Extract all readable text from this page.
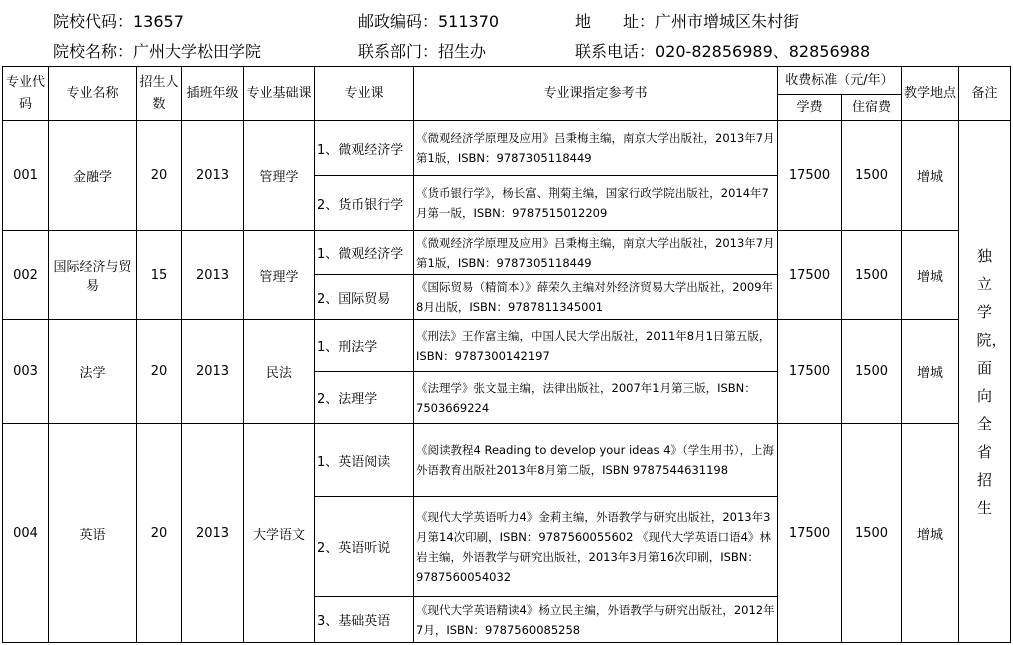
院校代码：13657	邮政编码：511370	地　　址：广州市增城区朱村街
院校名称：广州大学松田学院	联系部门：招生办	联系电话：020-82856989、82856988
专业代码	专业名称	招生人数	插班年级	专业基础课	专业课	专业课指定参考书	收费标准（元/年）		教学地点	备注
							学费	住宿费		
001	金融学	20	2013	管理学	1、微观经济学	《微观经济学原理及应用》吕秉梅主编，南京大学出版社，2013年7月第1版，ISBN：9787305118449	17500	1500	增城	独立学院，面向全省招生

					2、货币银行学	《货币银行学》，杨长富、荆菊主编，国家行政学院出版社，2014年7月第一版，ISBN：9787515012209				
002	国际经济与贸易	15	2013	管理学	1、微观经济学	《微观经济学原理及应用》吕秉梅主编，南京大学出版社，2013年7月第1版，ISBN：9787305118449	17500	1500	增城	
					2、国际贸易	《国际贸易（精简本）》薛荣久主编对外经济贸易大学出版社，2009年8月出版，ISBN：9787811345001				
003	法学	20	2013	民法	1、刑法学	《刑法》王作富主编，中国人民大学出版社，2011年8月1日第五版，ISBN：9787300142197	17500	1500	增城	
					2、法理学	《法理学》张文显主编，法律出版社，2007年1月第三版，ISBN：7503669224				
004	英语	20	2013	大学语文	1、英语阅读	《阅读教程4 Reading to develop your ideas 4》（学生用书），上海外语教育出版社2013年8月第二版，ISBN 9787544631198	17500	1500	增城	
					2、英语听说	《现代大学英语听力4》金莉主编，外语教学与研究出版社，2013年3月第14次印刷，ISBN：9787560055602 《现代大学英语口语4》林岩主编，外语教学与研究出版社，2013年3月第16次印刷，ISBN：9787560054032				
					3、基础英语	《现代大学英语精读4》杨立民主编，外语教学与研究出版社，2012年7月，ISBN：9787560085258				
